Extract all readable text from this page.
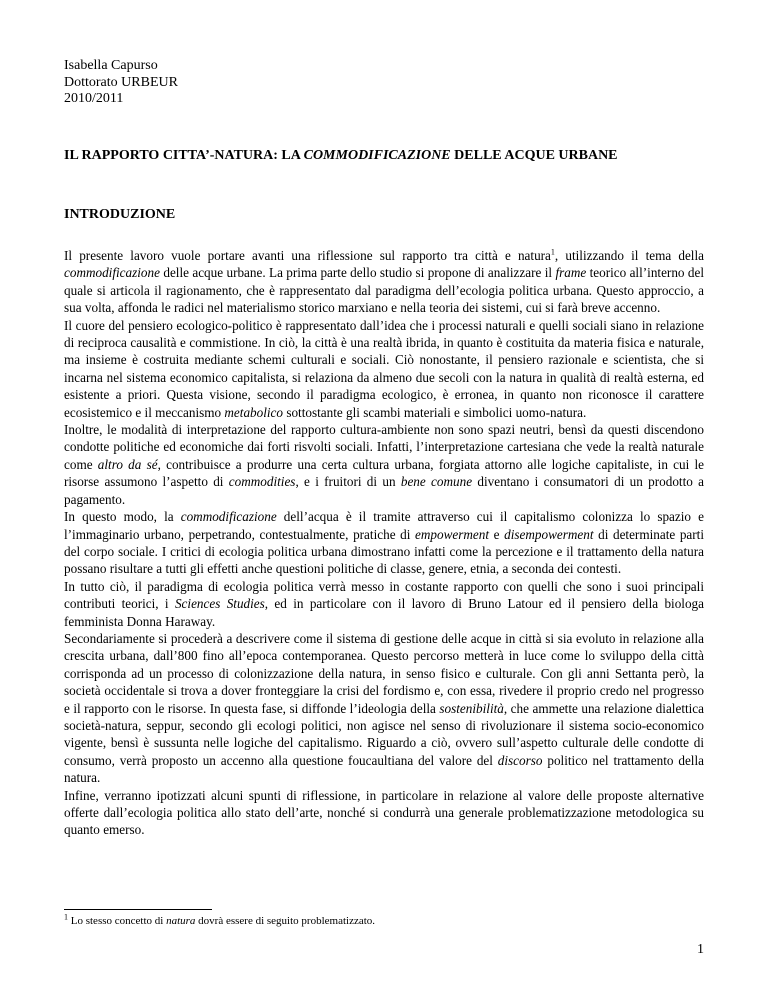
Isabella Capurso
Dottorato URBEUR
2010/2011
IL RAPPORTO CITTA’-NATURA: LA COMMODIFICAZIONE DELLE ACQUE URBANE
INTRODUZIONE

Il presente lavoro vuole portare avanti una riflessione sul rapporto tra città e natura$^1$, utilizzando il tema della commodificazione delle acque urbane. La prima parte dello studio si propone di analizzare il frame teorico all’interno del quale si articola il ragionamento, che è rappresentato dal paradigma dell’ecologia politica urbana. Questo approccio, a sua volta, affonda le radici nel materialismo storico marxiano e nella teoria dei sistemi, cui si farà breve accenno.

Il cuore del pensiero ecologico-politico è rappresentato dall’idea che i processi naturali e quelli sociali siano in relazione di reciproca causalità e commistione. In ciò, la città è una realtà ibrida, in quanto è costituita da materia fisica e naturale, ma insieme è costruita mediante schemi culturali e sociali. Ciò nonostante, il pensiero razionale e scientista, che si incarna nel sistema economico capitalista, si relaziona da almeno due secoli con la natura in qualità di realtà esterna, ed esistente a priori. Questa visione, secondo il paradigma ecologico, è erronea, in quanto non riconosce il carattere ecosistemico e il meccanismo metabolico sottostante gli scambi materiali e simbolici uomo-natura.

Inoltre, le modalità di interpretazione del rapporto cultura-ambiente non sono spazi neutri, bensì da questi discendono condotte politiche ed economiche dai forti risvolti sociali. Infatti, l’interpretazione cartesiana che vede la realtà naturale come altro da sé, contribuisce a produrre una certa cultura urbana, forgiata attorno alle logiche capitaliste, in cui le risorse assumono l’aspetto di commodities, e i fruitori di un bene comune diventano i consumatori di un prodotto a pagamento.

In questo modo, la commodificazione dell’acqua è il tramite attraverso cui il capitalismo colonizza lo spazio e l’immaginario urbano, perpetrando, contestualmente, pratiche di empowerment e disempowerment di determinate parti del corpo sociale. I critici di ecologia politica urbana dimostrano infatti come la percezione e il trattamento della natura possano risultare a tutti gli effetti anche questioni politiche di classe, genere, etnia, a seconda dei contesti.

In tutto ciò, il paradigma di ecologia politica verrà messo in costante rapporto con quelli che sono i suoi principali contributi teorici, i Sciences Studies, ed in particolare con il lavoro di Bruno Latour ed il pensiero della biologa femminista Donna Haraway.

Secondariamente si procederà a descrivere come il sistema di gestione delle acque in città si sia evoluto in relazione alla crescita urbana, dall’800 fino all’epoca contemporanea. Questo percorso metterà in luce come lo sviluppo della città corrisponda ad un processo di colonizzazione della natura, in senso fisico e culturale. Con gli anni Settanta però, la società occidentale si trova a dover fronteggiare la crisi del fordismo e, con essa, rivedere il proprio credo nel progresso e il rapporto con le risorse. In questa fase, si diffonde l’ideologia della sostenibilità, che ammette una relazione dialettica società-natura, seppur, secondo gli ecologi politici, non agisce nel senso di rivoluzionare il sistema socio-economico vigente, bensì è sussunta nelle logiche del capitalismo. Riguardo a ciò, ovvero sull’aspetto culturale delle condotte di consumo, verrà proposto un accenno alla questione foucaultiana del valore del discorso politico nel trattamento della natura.

Infine, verranno ipotizzati alcuni spunti di riflessione, in particolare in relazione al valore delle proposte alternative offerte dall’ecologia politica allo stato dell’arte, nonché si condurrà una generale problematizzazione metodologica su quanto emerso.

$^1$ Lo stesso concetto di natura dovrà essere di seguito problematizzato.
1
